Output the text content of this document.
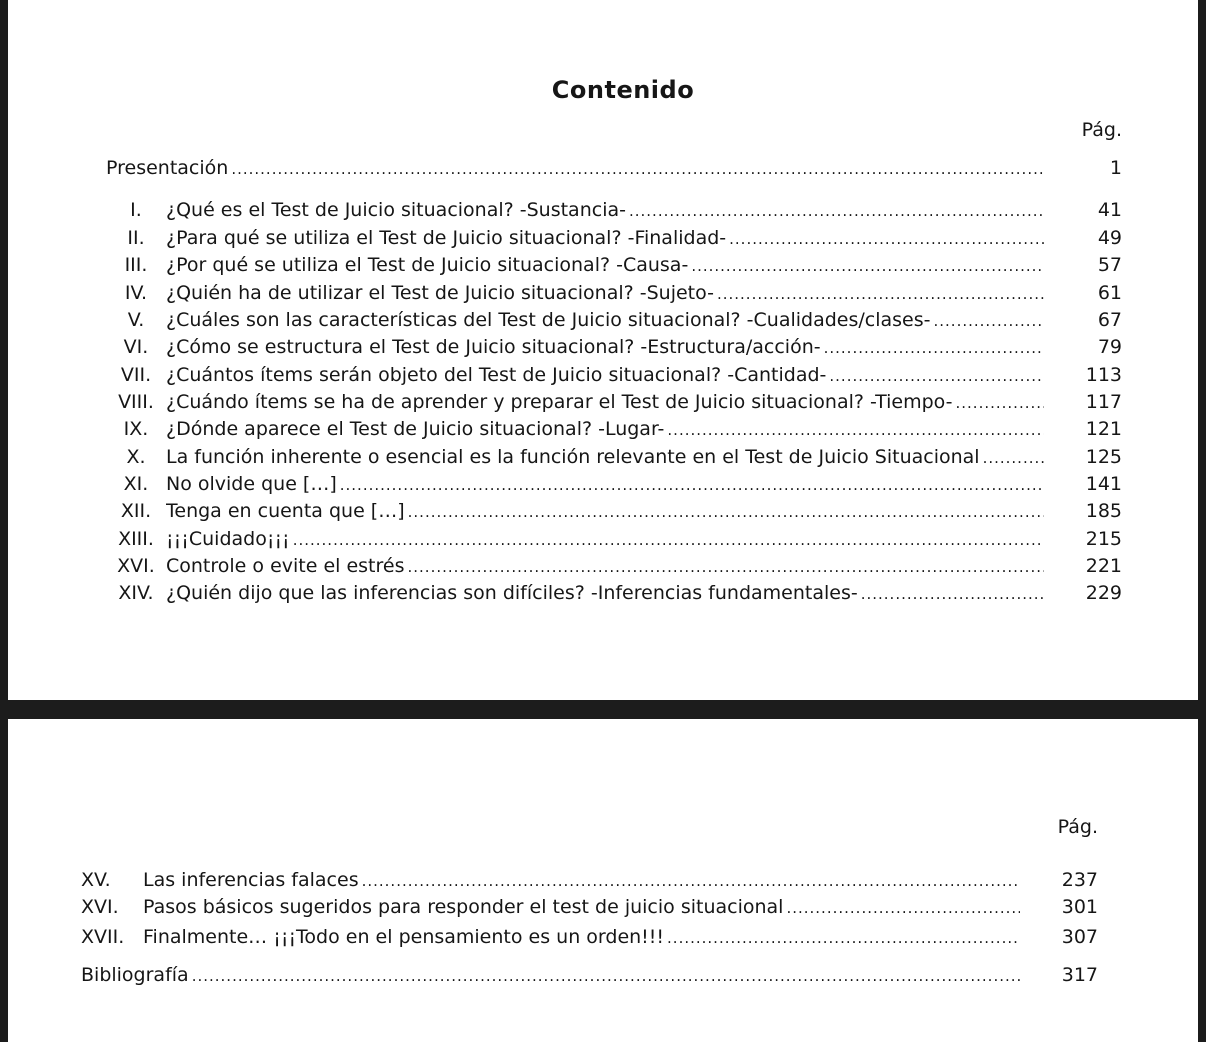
Contenido
Pág.
Presentación .....	1
I.	¿Qué es el Test de Juicio situacional? -Sustancia- .....	41
II.	¿Para qué se utiliza el Test de Juicio situacional? -Finalidad- .....	49
III. ¿Por qué se utiliza el Test de Juicio situacional? -Causa- .....	57
IV. ¿Quién ha de utilizar el Test de Juicio situacional? -Sujeto- .....	61
V.	¿Cuáles son las características del Test de Juicio situacional? -Cualidades/clases- .....	67
VI. ¿Cómo se estructura el Test de Juicio situacional? -Estructura/acción- .....	79
VII. ¿Cuántos ítems serán objeto del Test de Juicio situacional? -Cantidad- .....	113
VIII. ¿Cuándo ítems se ha de aprender y preparar el Test de Juicio situacional? -Tiempo- .....	117
IX. ¿Dónde aparece el Test de Juicio situacional? -Lugar- .....	121
X.	La función inherente o esencial es la función relevante en el Test de Juicio Situacional .....	125
XI. No olvide que […] .....	141
XII. Tenga en cuenta que […] .....	185
XIII. ¡¡¡Cuidado¡¡¡ .....	215
XVI. Controle o evite el estrés .....	221
XIV. ¿Quién dijo que las inferencias son difíciles? -Inferencias fundamentales- .....	229
Pág.
XV.	Las inferencias falaces .....	237
XVI.	Pasos básicos sugeridos para responder el test de juicio situacional .....	301
XVII. Finalmente… ¡¡¡Todo en el pensamiento es un orden!!! .....	307
Bibliografía .....	317
